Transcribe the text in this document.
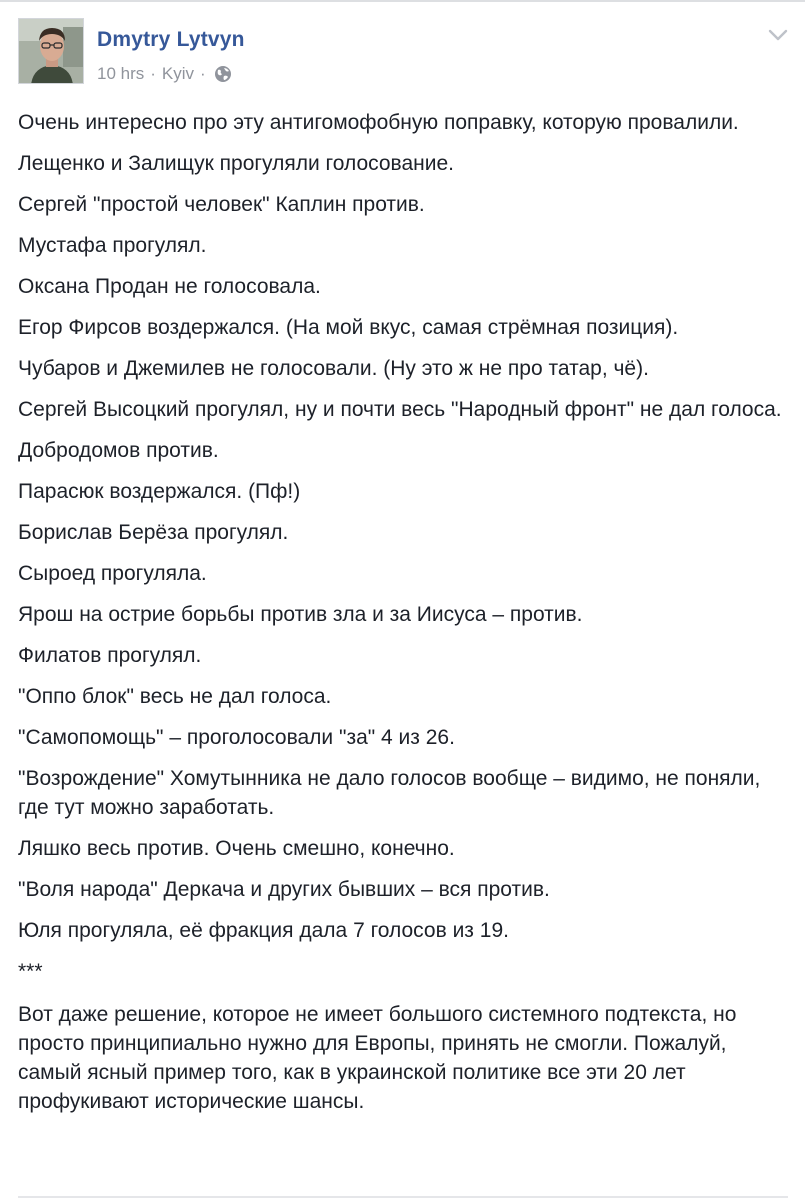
Dmytry Lytvyn
10 hrs · Kyiv ·

Очень интересно про эту антигомофобную поправку, которую провалили.

Лещенко и Залищук прогуляли голосование.

Сергей "простой человек" Каплин против.

Мустафа прогулял.

Оксана Продан не голосовала.

Егор Фирсов воздержался. (На мой вкус, самая стрёмная позиция).

Чубаров и Джемилев не голосовали. (Ну это ж не про татар, чё).

Сергей Высоцкий прогулял, ну и почти весь "Народный фронт" не дал голоса.

Добродомов против.

Парасюк воздержался. (Пф!)

Борислав Берёза прогулял.

Сыроед прогуляла.

Ярош на острие борьбы против зла и за Иисуса – против.

Филатов прогулял.

"Оппо блок" весь не дал голоса.

"Самопомощь" – проголосовали "за" 4 из 26.

"Возрождение" Хомутынника не дало голосов вообще – видимо, не поняли, где тут можно заработать.

Ляшко весь против. Очень смешно, конечно.

"Воля народа" Деркача и других бывших – вся против.

Юля прогуляла, её фракция дала 7 голосов из 19.

***

Вот даже решение, которое не имеет большого системного подтекста, но просто принципиально нужно для Европы, принять не смогли. Пожалуй, самый ясный пример того, как в украинской политике все эти 20 лет профукивают исторические шансы.
